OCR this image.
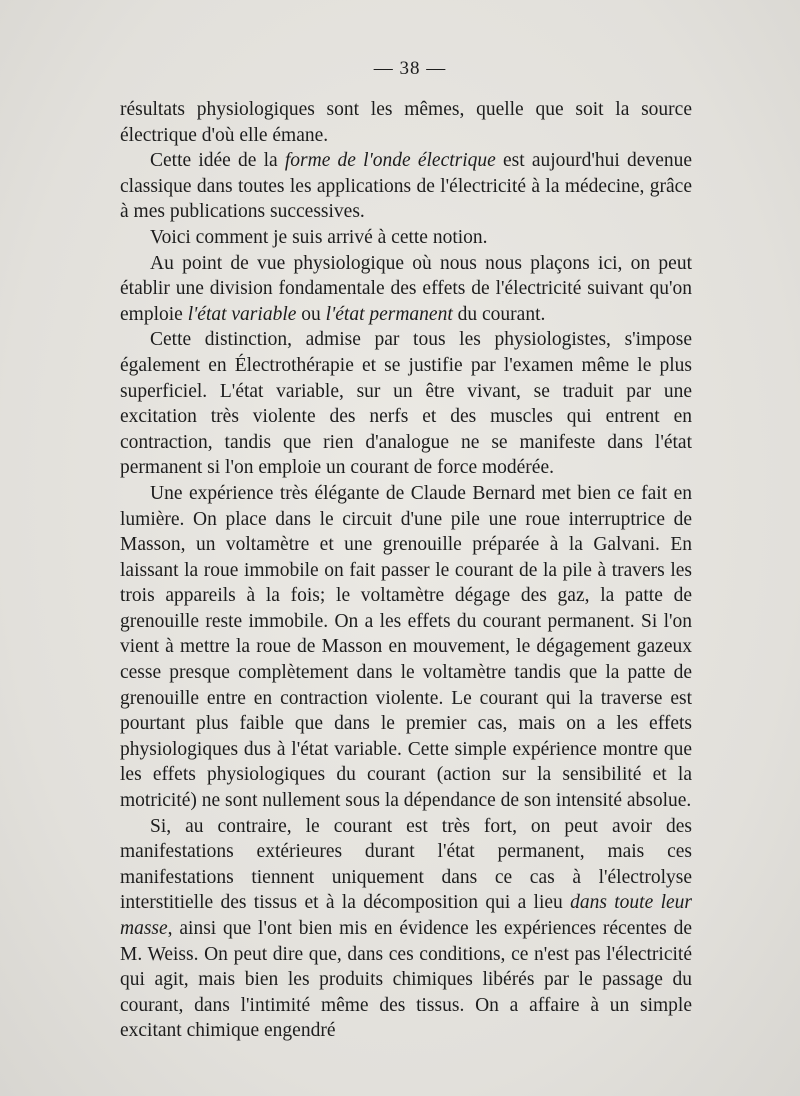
— 38 —

résultats physiologiques sont les mêmes, quelle que soit la source électrique d'où elle émane.

Cette idée de la forme de l'onde électrique est aujourd'hui devenue classique dans toutes les applications de l'électricité à la médecine, grâce à mes publications successives.

Voici comment je suis arrivé à cette notion.

Au point de vue physiologique où nous nous plaçons ici, on peut établir une division fondamentale des effets de l'électricité suivant qu'on emploie l'état variable ou l'état permanent du courant.

Cette distinction, admise par tous les physiologistes, s'impose également en Électrothérapie et se justifie par l'examen même le plus superficiel. L'état variable, sur un être vivant, se traduit par une excitation très violente des nerfs et des muscles qui entrent en contraction, tandis que rien d'analogue ne se manifeste dans l'état permanent si l'on emploie un courant de force modérée.

Une expérience très élégante de Claude Bernard met bien ce fait en lumière. On place dans le circuit d'une pile une roue interruptrice de Masson, un voltamètre et une grenouille préparée à la Galvani. En laissant la roue immobile on fait passer le courant de la pile à travers les trois appareils à la fois; le voltamètre dégage des gaz, la patte de grenouille reste immobile. On a les effets du courant permanent. Si l'on vient à mettre la roue de Masson en mouvement, le dégagement gazeux cesse presque complètement dans le voltamètre tandis que la patte de grenouille entre en contraction violente. Le courant qui la traverse est pourtant plus faible que dans le premier cas, mais on a les effets physiologiques dus à l'état variable. Cette simple expérience montre que les effets physiologiques du courant (action sur la sensibilité et la motricité) ne sont nullement sous la dépendance de son intensité absolue.

Si, au contraire, le courant est très fort, on peut avoir des manifestations extérieures durant l'état permanent, mais ces manifestations tiennent uniquement dans ce cas à l'électrolyse interstitielle des tissus et à la décomposition qui a lieu dans toute leur masse, ainsi que l'ont bien mis en évidence les expériences récentes de M. Weiss. On peut dire que, dans ces conditions, ce n'est pas l'électricité qui agit, mais bien les produits chimiques libérés par le passage du courant, dans l'intimité même des tissus. On a affaire à un simple excitant chimique engendré
